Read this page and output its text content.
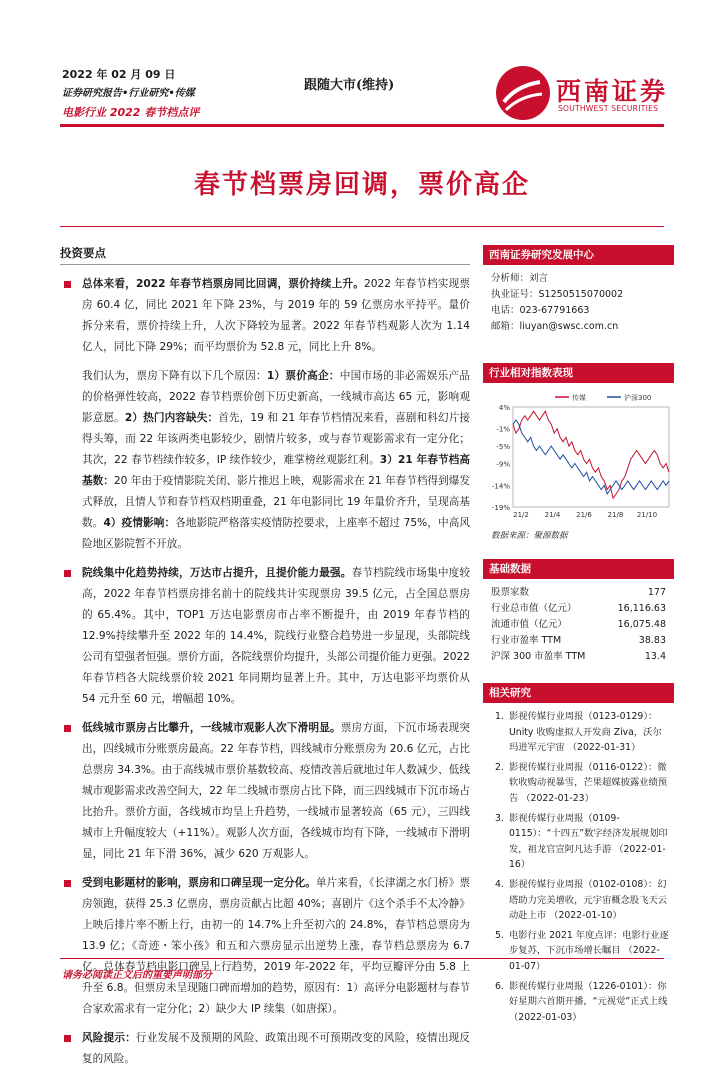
2022 年 02 月 09 日
证券研究报告•行业研究•传媒
电影行业 2022 春节档点评
跟随大市(维持)	西南证券
SOUTHWEST SECURITIES
春节档票房回调，票价高企
投资要点
总体来看，2022 年春节档票房同比回调，票价持续上升。2022 年春节档实现票房 60.4 亿，同比 2021 年下降 23%，与 2019 年的 59 亿票房水平持平。量价拆分来看，票价持续上升，人次下降较为显著。2022 年春节档观影人次为 1.14 亿人，同比下降 29%；而平均票价为 52.8 元，同比上升 8%。
我们认为，票房下降有以下几个原因：1）票价高企：中国市场的非必需娱乐产品的价格弹性较高，2022 春节档票价创下历史新高，一线城市高达 65 元，影响观影意愿。2）热门内容缺失：首先，19 和 21 年春节档情况来看，喜剧和科幻片接得头筹，而 22 年该两类电影较少，剧情片较多，或与春节观影需求有一定分化；其次，22 春节档续作较多，IP 续作较少，难掌榜丝观影红利。3）21 年春节档高基数：20 年由于疫情影院关闭、影片推迟上映，观影需求在 21 年春节档得到爆发式释放，且情人节和春节档双档期重叠，21 年电影同比 19 年量价齐升，呈现高基数。4）疫情影响：各地影院严格落实疫情防控要求，上座率不超过 75%，中高风险地区影院暂不开放。
院线集中化趋势持续，万达市占提升，且提价能力最强。春节档院线市场集中度较高，2022 年春节档票房排名前十的院线共计实现票房 39.5 亿元，占全国总票房的 65.4%。其中，TOP1 万达电影票房市占率不断提升，由 2019 年春节档的 12.9%持续攀升至 2022 年的 14.4%，院线行业整合趋势进一步显现，头部院线公司有望强者恒强。票价方面，各院线票价均提升，头部公司提价能力更强。2022 年春节档各大院线票价较 2021 年同期均显著上升。其中，万达电影平均票价从 54 元升至 60 元，增幅超 10%。
低线城市票房占比攀升，一线城市观影人次下滑明显。票房方面，下沉市场表现突出，四线城市分账票房最高。22 年春节档，四线城市分账票房为 20.6 亿元，占比总票房 34.3%。由于高线城市票价基数较高、疫情改善后就地过年人数减少、低线城市观影需求改善空间大，22 年二线城市票房占比下降，而三四线城市下沉市场占比抬升。票价方面，各线城市均呈上升趋势，一线城市显著较高（65 元），三四线城市上升幅度较大（+11%）。观影人次方面，各线城市均有下降，一线城市下滑明显，同比 21 年下滑 36%，减少 620 万观影人。
受到电影题材的影响，票房和口碑呈现一定分化。单片来看，《长津湖之水门桥》票房领跑，获得 25.3 亿票房，票房贡献占比超 40%；喜剧片《这个杀手不太冷静》上映后排片率不断上行，由初一的 14.7%上升至初六的 24.8%，春节档总票房为 13.9 亿；《奇迹・笨小孩》和五和六票房显示出逆势上涨，春节档总票房为 6.7 亿。总体春节档电影口碑呈上行趋势，2019 年-2022 年，平均豆瓣评分由 5.8 上升至 6.8。但票房未呈现随口碑而增加的趋势，原因有：1）高评分电影题材与春节合家欢需求有一定分化；2）缺少大 IP 续集（如唐探）。
风险提示：行业发展不及预期的风险、政策出现不可预期改变的风险，疫情出现反复的风险。
西南证券研究发展中心
分析师：刘言
执业证号：S1250515070002
电话：023-67791663
邮箱：liuyan@swsc.com.cn
行业相对指数表现
4%
-1%
-5%
-9%
-14%
-19%
21/2 21/4 21/6 21/8 21/10
传媒	沪深300
数据来源：聚源数据
基础数据
股票家数	177
行业总市值（亿元）	16,116.63
流通市值（亿元）	16,075.48
行业市盈率 TTM	38.83
沪深 300 市盈率 TTM	13.4
相关研究
1. 影视传媒行业周报（0123-0129）：Unity 收购虚拟人开发商 Ziva，沃尔玛进军元宇宙 （2022-01-31）
2. 影视传媒行业周报（0116-0122）：微软收购动视暴雪，芒果超媒披露业绩预告 （2022-01-23）
3. 影视传媒行业周报（0109-0115）：“十四五”数字经济发展规划印发，祖龙官宣阿凡达手游 （2022-01-16）
4. 影视传媒行业周报（0102-0108）：幻塔助力完美增收，元宇宙概念股飞天云动赴上市 （2022-01-10）
5. 电影行业 2021 年度点评：电影行业逐步复苏，下沉市场增长瞩目 （2022-01-07）
6. 影视传媒行业周报（1226-0101）：你好星期六首期开播，“元视觉”正式上线 （2022-01-03）
请务必阅读正文后的重要声明部分
